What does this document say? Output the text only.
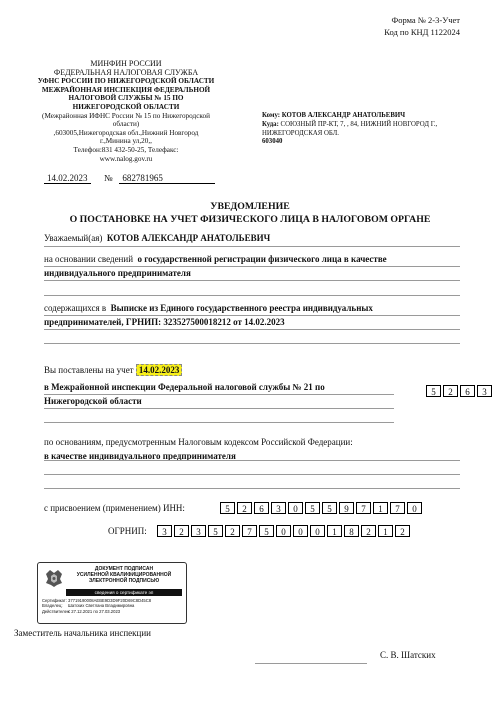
Форма № 2-3-Учет
Код по КНД 1122024
МИНФИН РОССИИ
ФЕДЕРАЛЬНАЯ НАЛОГОВАЯ СЛУЖБА
УФНС РОССИИ ПО НИЖЕГОРОДСКОЙ ОБЛАСТИ
МЕЖРАЙОННАЯ ИНСПЕКЦИЯ ФЕДЕРАЛЬНОЙ
НАЛОГОВОЙ СЛУЖБЫ № 15 ПО
НИЖЕГОРОДСКОЙ ОБЛАСТИ
(Межрайонная ИФНС России № 15 по Нижегородской
области)
,603005,Нижегородская обл.,Нижний Новгород
г.,Минина ул,20,,
Телефон:831 432-50-25, Телефакс:
www.nalog.gov.ru
Кому: КОТОВ АЛЕКСАНДР АНАТОЛЬЕВИЧ
Куда: СОЮЗНЫЙ ПР-КТ, 7, , 84, НИЖНИЙ НОВГОРОД Г., НИЖЕГОРОДСКАЯ ОБЛ.
603040
14.02.2023 № 682781965
УВЕДОМЛЕНИЕ
О ПОСТАНОВКЕ НА УЧЕТ ФИЗИЧЕСКОГО ЛИЦА В НАЛОГОВОМ ОРГАНЕ
Уважаемый(ая) КОТОВ АЛЕКСАНДР АНАТОЛЬЕВИЧ
на основании сведений о государственной регистрации физического лица в качестве
индивидуального предпринимателя
содержащихся в Выписке из Единого государственного реестра индивидуальных
предпринимателей, ГРНИП: 323527500018212 от 14.02.2023
Вы поставлены на учет 14.02.2023
в Межрайонной инспекции Федеральной налоговой службы № 21 по
Нижегородской области
5	2	6	3
по основаниям, предусмотренным Налоговым кодексом Российской Федерации:
в качестве индивидуального предпринимателя
с присвоением (применением) ИНН:	5	2	6	3	0	5	5	9	7	1	7	0
ОГРНИП:	3	2	3	5	2	7	5	0	0	0	1	8	2	1	2
ДОКУМЕНТ ПОДПИСАН
УСИЛЕННОЙ КВАЛИФИЦИРОВАННОЙ
ЭЛЕКТРОННОЙ ПОДПИСЬЮ
сведения о сертификате эп
Сертификат:37719190008AEBE9D3D9F20D69C8D45C8
Владелец: Шатских Светлана Владимировна
Действителен:с 27.12.2021 по 27.03.2023
Заместитель начальника инспекции
С. В. Шатских
